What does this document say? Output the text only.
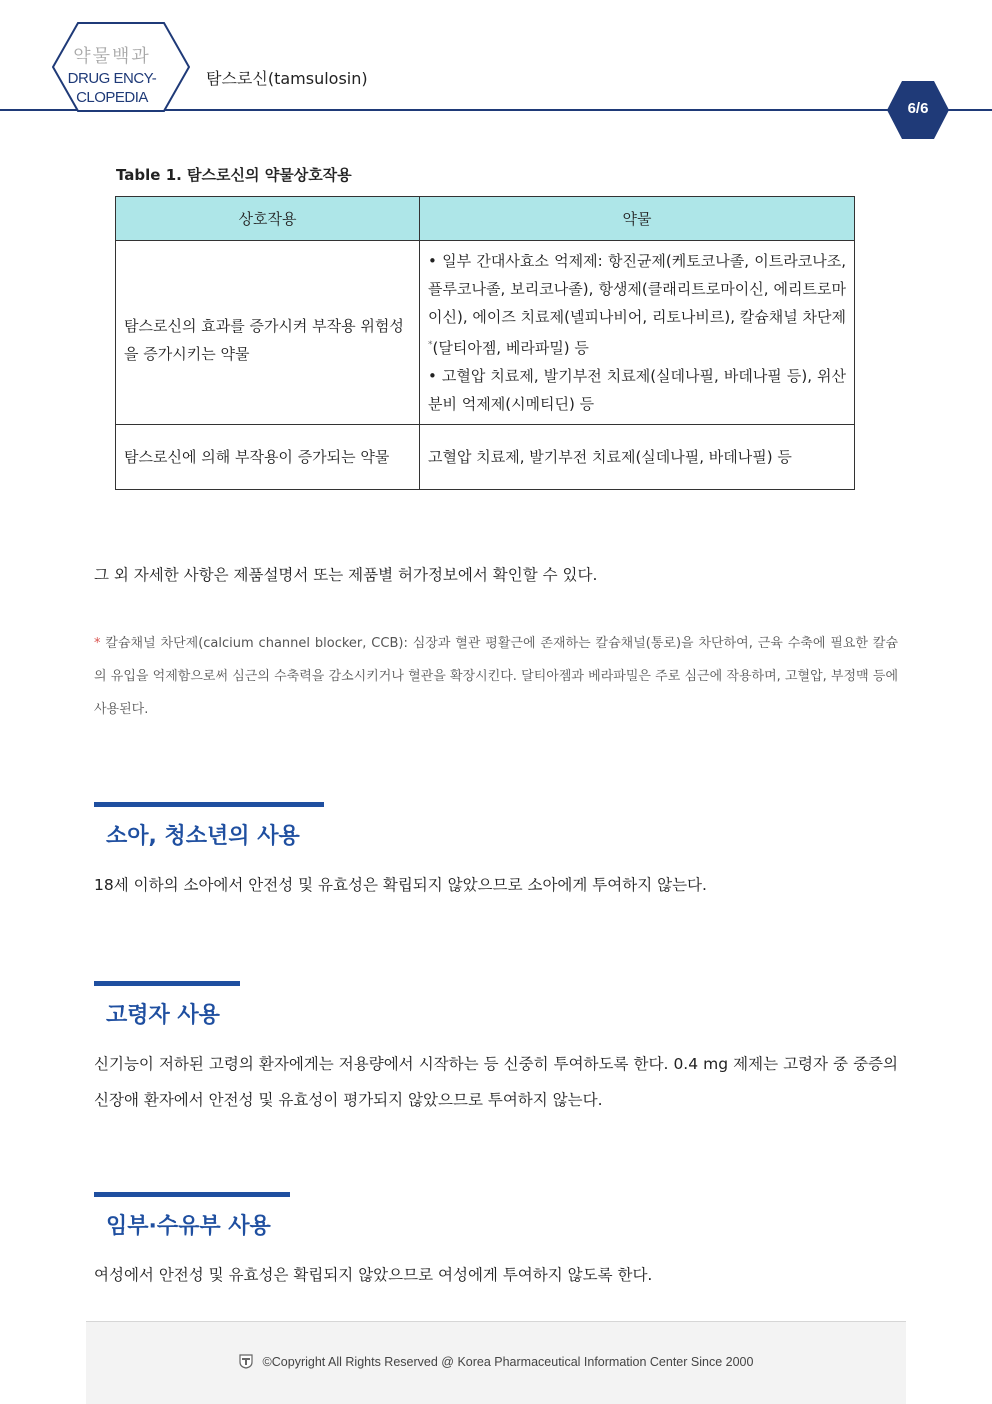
약물백과
DRUG ENCY-
CLOPEDIA
탐스로신(tamsulosin)
6/6
Table 1. 탐스로신의 약물상호작용
상호작용	약물
탐스로신의 효과를 증가시켜 부작용 위험성을 증가시키는 약물	• 일부 간대사효소 억제제: 항진균제(케토코나졸, 이트라코나조, 플루코나졸, 보리코나졸), 항생제(클래리트로마이신, 에리트로마이신), 에이즈 치료제(넬피나비어, 리토나비르), 칼슘채널 차단제*(달티아젬, 베라파밀) 등

• 고혈압 치료제, 발기부전 치료제(실데나필, 바데나필 등), 위산분비 억제제(시메티딘) 등

탐스로신에 의해 부작용이 증가되는 약물	고혈압 치료제, 발기부전 치료제(실데나필, 바데나필) 등
그 외 자세한 사항은 제품설명서 또는 제품별 허가정보에서 확인할 수 있다.
* 칼슘채널 차단제(calcium channel blocker, CCB): 심장과 혈관 평활근에 존재하는 칼슘채널(통로)을 차단하여, 근육 수축에 필요한 칼슘의 유입을 억제함으로써 심근의 수축력을 감소시키거나 혈관을 확장시킨다. 달티아젬과 베라파밀은 주로 심근에 작용하며, 고혈압, 부정맥 등에 사용된다.
소아, 청소년의 사용
18세 이하의 소아에서 안전성 및 유효성은 확립되지 않았으므로 소아에게 투여하지 않는다.
고령자 사용
신기능이 저하된 고령의 환자에게는 저용량에서 시작하는 등 신중히 투여하도록 한다. 0.4 mg 제제는 고령자 중 중증의 신장애 환자에서 안전성 및 유효성이 평가되지 않았으므로 투여하지 않는다.
임부·수유부 사용
여성에서 안전성 및 유효성은 확립되지 않았으므로 여성에게 투여하지 않도록 한다.
©Copyright All Rights Reserved @ Korea Pharmaceutical Information Center Since 2000
